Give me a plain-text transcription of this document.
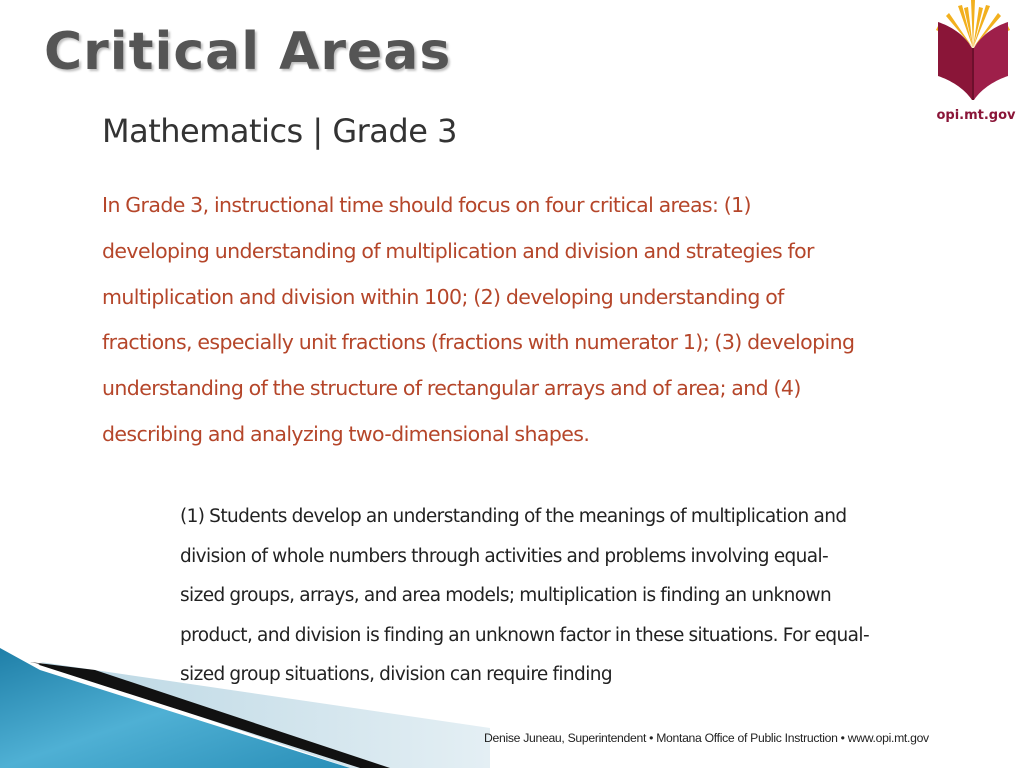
Critical Areas
opi.mt.gov
Mathematics | Grade 3

In Grade 3, instructional time should focus on four critical areas: (1) developing understanding of multiplication and division and strategies for multiplication and division within 100; (2) developing understanding of fractions, especially unit fractions (fractions with numerator 1); (3) developing understanding of the structure of rectangular arrays and of area; and (4) describing and analyzing two-dimensional shapes.

(1) Students develop an understanding of the meanings of multiplication and division of whole numbers through activities and problems involving equal-sized groups, arrays, and area models; multiplication is finding an unknown product, and division is finding an unknown factor in these situations. For equal-sized group situations, division can require finding

Denise Juneau, Superintendent • Montana Office of Public Instruction • www.opi.mt.gov
